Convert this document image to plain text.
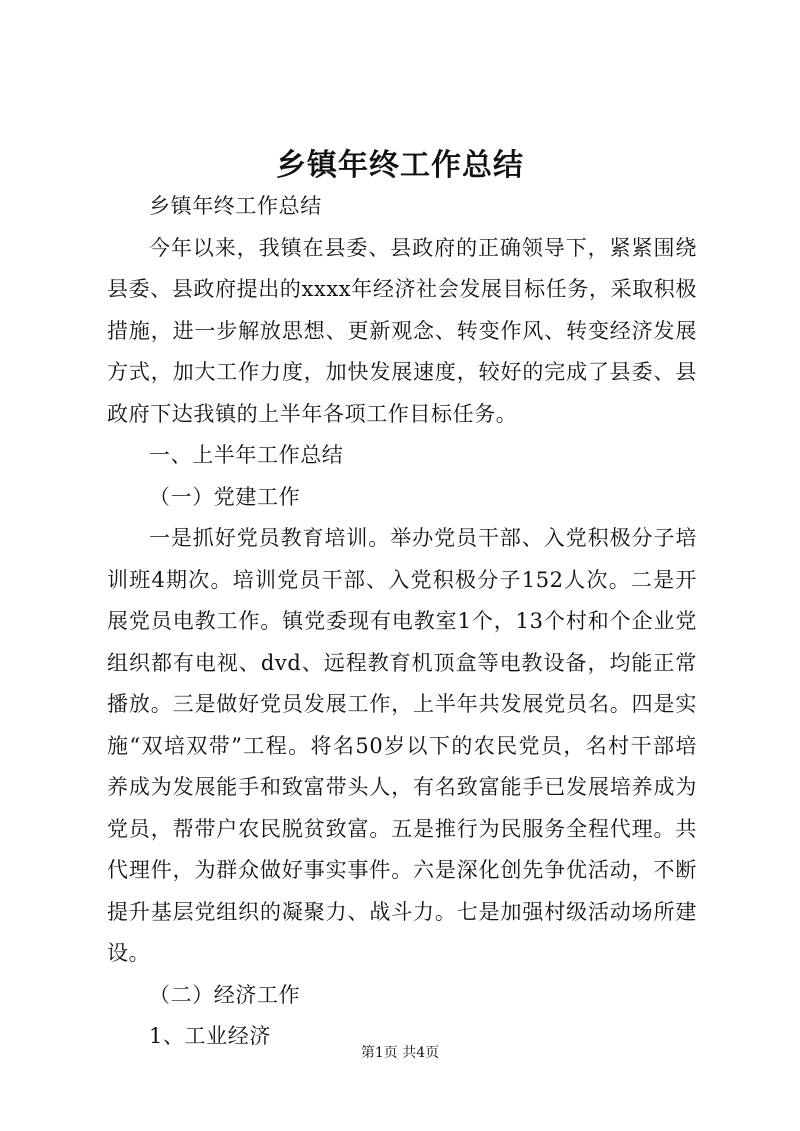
乡镇年终工作总结

乡镇年终工作总结

今年以来，我镇在县委、县政府的正确领导下，紧紧围绕县委、县政府提出的xxxx年经济社会发展目标任务，采取积极措施，进一步解放思想、更新观念、转变作风、转变经济发展方式，加大工作力度，加快发展速度，较好的完成了县委、县政府下达我镇的上半年各项工作目标任务。

一、上半年工作总结

（一）党建工作

一是抓好党员教育培训。举办党员干部、入党积极分子培训班4期次。培训党员干部、入党积极分子152人次。二是开展党员电教工作。镇党委现有电教室1个，13个村和个企业党组织都有电视、dvd、远程教育机顶盒等电教设备，均能正常播放。三是做好党员发展工作，上半年共发展党员名。四是实施“双培双带”工程。将名50岁以下的农民党员，名村干部培养成为发展能手和致富带头人，有名致富能手已发展培养成为党员，帮带户农民脱贫致富。五是推行为民服务全程代理。共代理件，为群众做好事实事件。六是深化创先争优活动，不断提升基层党组织的凝聚力、战斗力。七是加强村级活动场所建设。

（二）经济工作

1、工业经济

第1页 共4页
